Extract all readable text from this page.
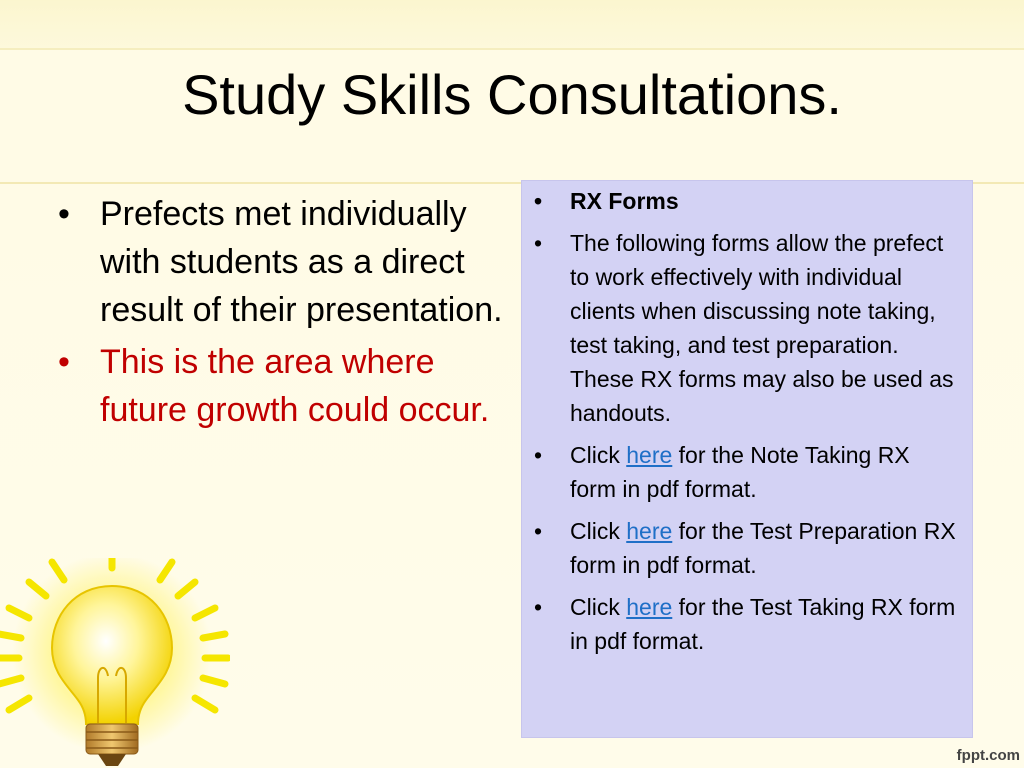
Study Skills Consultations.
• Prefects met individually with students as a direct result of their presentation.
• This is the area where future growth could occur.
• RX Forms
• The following forms allow the prefect to work effectively with individual clients when discussing note taking, test taking, and test preparation. These RX forms may also be used as handouts.
• Click here for the Note Taking RX form in pdf format.
• Click here for the Test Preparation RX form in pdf format.
• Click here for the Test Taking RX form in pdf format.
fppt.com
